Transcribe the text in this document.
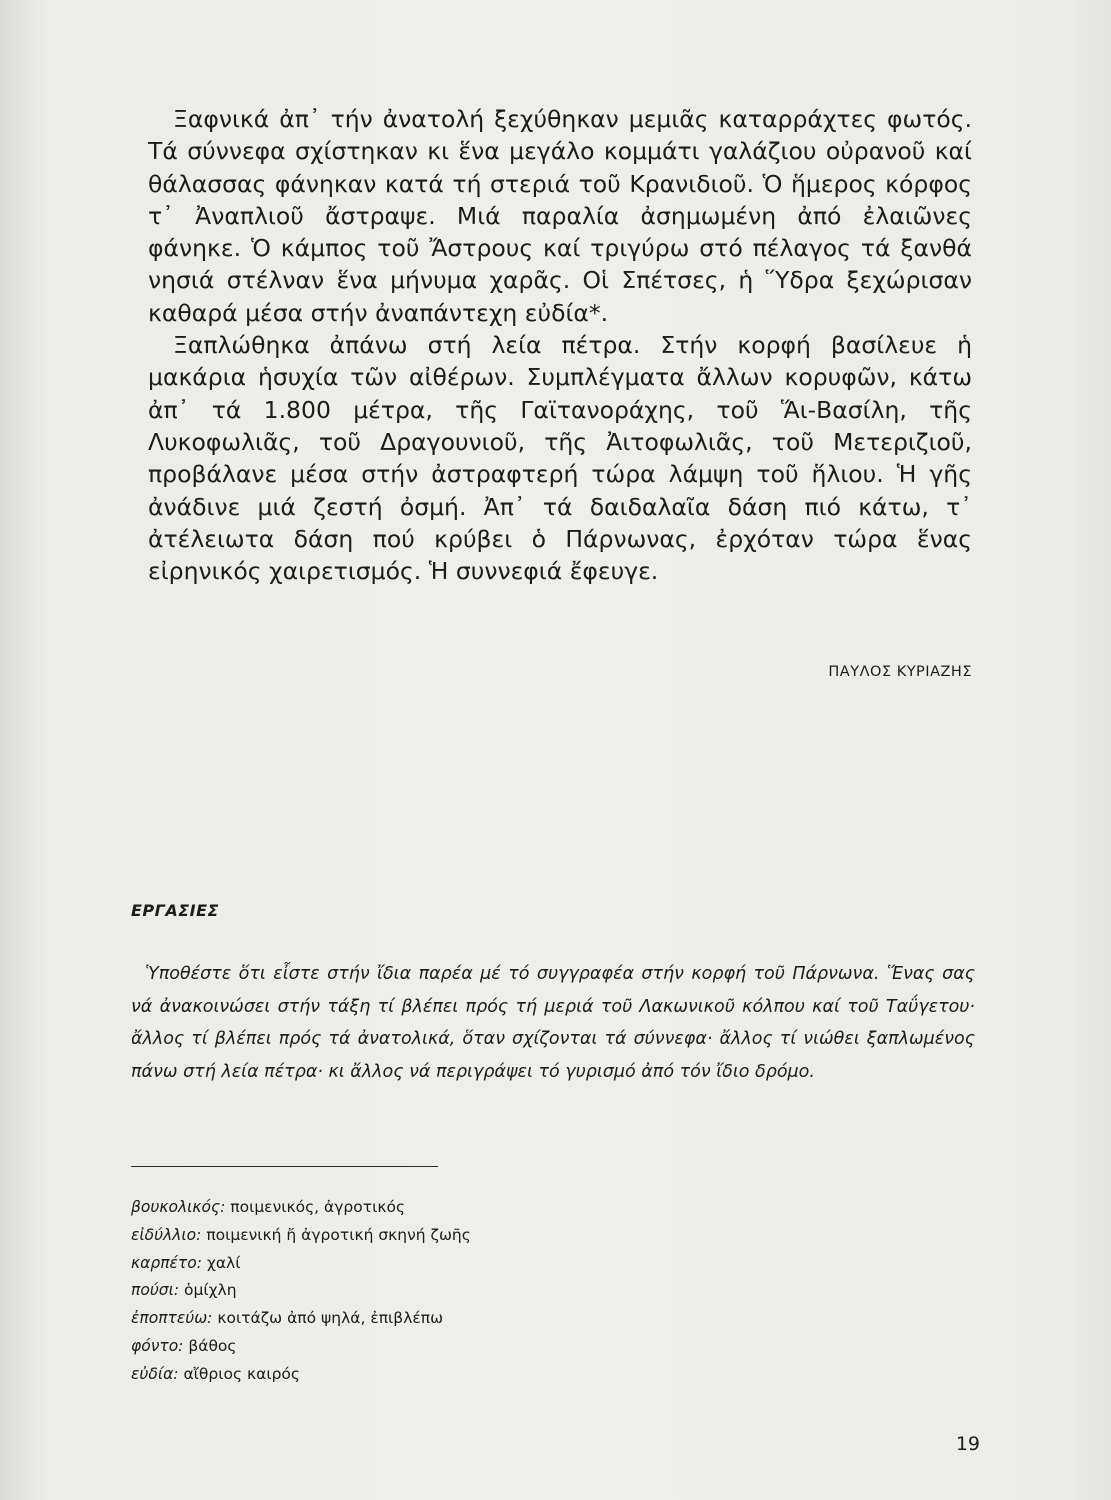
Ξαφνικά ἀπ᾽ τήν ἀνατολή ξεχύθηκαν μεμιᾶς καταρράχτες φωτός. Τά σύννεφα σχίστηκαν κι ἕνα μεγάλο κομμάτι γαλάζιου οὐρανοῦ καί θάλασσας φάνηκαν κατά τή στεριά τοῦ Κρανιδιοῦ. Ὁ ἥμερος κόρφος τ᾽ Ἀναπλιοῦ ἄστραψε. Μιά παραλία ἀσημωμένη ἀπό ἐλαιῶνες φάνηκε. Ὁ κάμπος τοῦ Ἄστρους καί τριγύρω στό πέλαγος τά ξανθά νησιά στέλναν ἕνα μήνυμα χαρᾶς. Οἱ Σπέτσες, ἡ Ὕδρα ξεχώρισαν καθαρά μέσα στήν ἀναπάντεχη εὐδία*.

Ξαπλώθηκα ἀπάνω στή λεία πέτρα. Στήν κορφή βασίλευε ἡ μακάρια ἡσυχία τῶν αἰθέρων. Συμπλέγματα ἄλλων κορυφῶν, κάτω ἀπ᾽ τά 1.800 μέτρα, τῆς Γαϊτανοράχης, τοῦ Ἅι-Βασίλη, τῆς Λυκοφωλιᾶς, τοῦ Δραγουνιοῦ, τῆς Ἀιτοφωλιᾶς, τοῦ Μετεριζιοῦ, προβάλανε μέσα στήν ἀστραφτερή τώρα λάμψη τοῦ ἥλιου. Ἡ γῆς ἀνάδινε μιά ζεστή ὀσμή. Ἀπ᾽ τά δαιδαλαῖα δάση πιό κάτω, τ᾽ ἀτέλειωτα δάση πού κρύβει ὁ Πάρνωνας, ἐρχόταν τώρα ἕνας εἰρηνικός χαιρετισμός. Ἡ συννεφιά ἔφευγε.

ΠΑΥΛΟΣ ΚΥΡΙΑΖΗΣ
ΕΡΓΑΣΙΕΣ

Ὑποθέστε ὅτι εἶστε στήν ἴδια παρέα μέ τό συγγραφέα στήν κορφή τοῦ Πάρνωνα. Ἕνας σας νά ἀνακοινώσει στήν τάξη τί βλέπει πρός τή μεριά τοῦ Λακωνικοῦ κόλπου καί τοῦ Ταΰγετου· ἄλλος τί βλέπει πρός τά ἀνατολικά, ὅταν σχίζονται τά σύννεφα· ἄλλος τί νιώθει ξαπλωμένος πάνω στή λεία πέτρα· κι ἄλλος νά περιγράψει τό γυρισμό ἀπό τόν ἴδιο δρόμο.

βουκολικός: ποιμενικός, ἀγροτικός
εἰδύλλιο: ποιμενική ἤ ἀγροτική σκηνή ζωῆς
καρπέτο: χαλί
πούσι: ὁμίχλη
ἐποπτεύω: κοιτάζω ἀπό ψηλά, ἐπιβλέπω
φόντο: βάθος
εὐδία: αἴθριος καιρός
19
